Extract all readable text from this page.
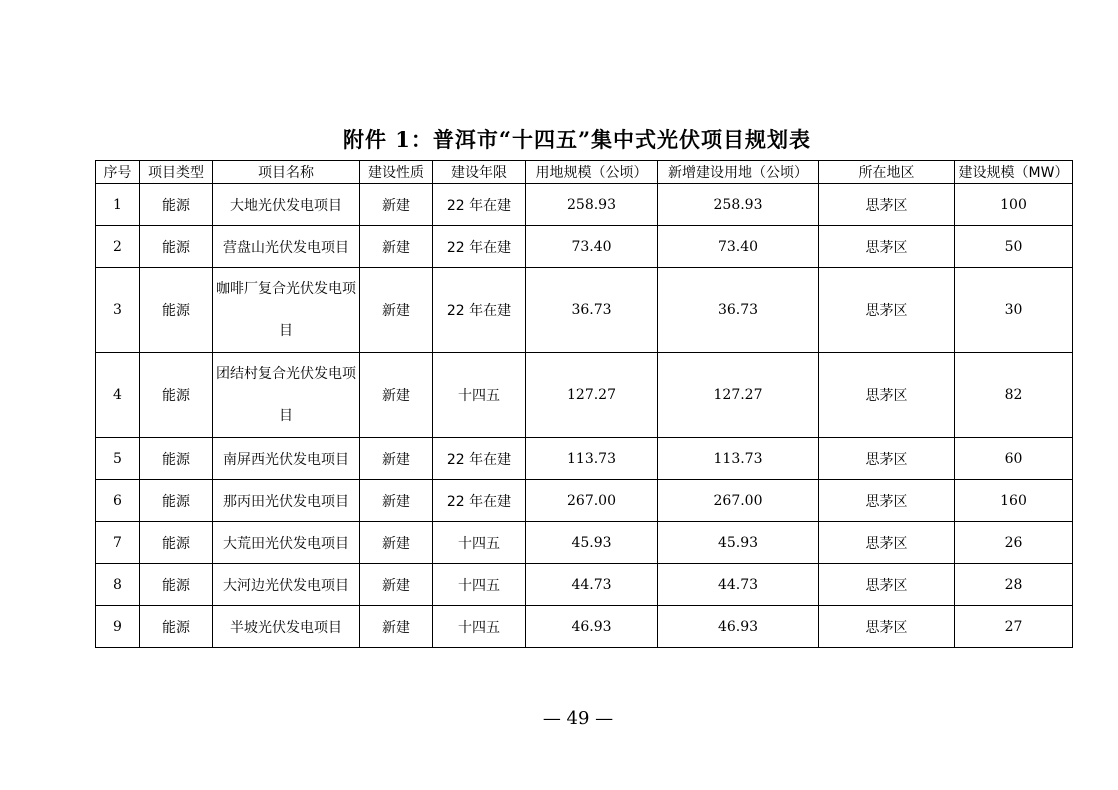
附件 1：普洱市“十四五”集中式光伏项目规划表
序号	项目类型	项目名称	建设性质	建设年限	用地规模（公顷）	新增建设用地（公顷）	所在地区	建设规模（MW）
1	能源	大地光伏发电项目	新建	22 年在建	258.93	258.93	思茅区	100
2	能源	营盘山光伏发电项目	新建	22 年在建	73.40	73.40	思茅区	50
3	能源	咖啡厂复合光伏发电项目	新建	22 年在建	36.73	36.73	思茅区	30
4	能源	团结村复合光伏发电项目	新建	十四五	127.27	127.27	思茅区	82
5	能源	南屏西光伏发电项目	新建	22 年在建	113.73	113.73	思茅区	60
6	能源	那丙田光伏发电项目	新建	22 年在建	267.00	267.00	思茅区	160
7	能源	大荒田光伏发电项目	新建	十四五	45.93	45.93	思茅区	26
8	能源	大河边光伏发电项目	新建	十四五	44.73	44.73	思茅区	28
9	能源	半坡光伏发电项目	新建	十四五	46.93	46.93	思茅区	27
— 49 —
